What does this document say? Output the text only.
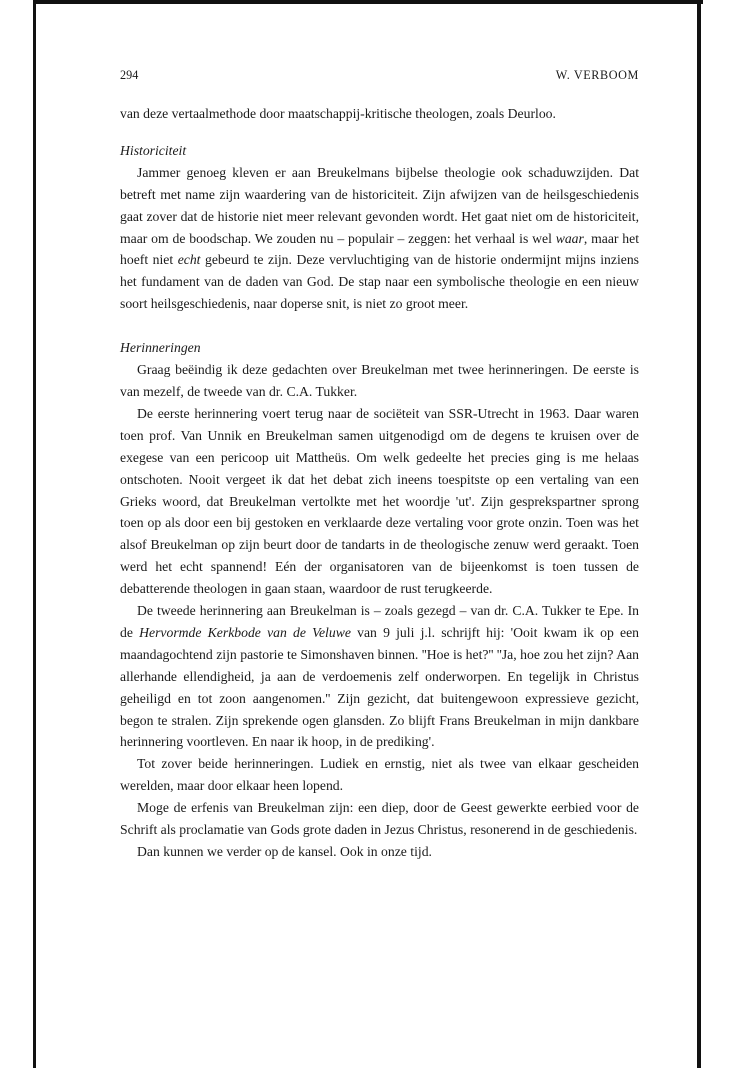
294	W. VERBOOM

van deze vertaalmethode door maatschappij-kritische theologen, zoals Deurloo.

Historiciteit

Jammer genoeg kleven er aan Breukelmans bijbelse theologie ook schaduwzijden. Dat betreft met name zijn waardering van de historiciteit. Zijn afwijzen van de heilsgeschiedenis gaat zover dat de historie niet meer relevant gevonden wordt. Het gaat niet om de historiciteit, maar om de boodschap. We zouden nu – populair – zeggen: het verhaal is wel waar, maar het hoeft niet echt gebeurd te zijn. Deze vervluchtiging van de historie ondermijnt mijns inziens het fundament van de daden van God. De stap naar een symbolische theologie en een nieuw soort heilsgeschiedenis, naar doperse snit, is niet zo groot meer.

Herinneringen

Graag beëindig ik deze gedachten over Breukelman met twee herinneringen. De eerste is van mezelf, de tweede van dr. C.A. Tukker.

De eerste herinnering voert terug naar de sociëteit van SSR-Utrecht in 1963. Daar waren toen prof. Van Unnik en Breukelman samen uitgenodigd om de degens te kruisen over de exegese van een pericoop uit Mattheüs. Om welk gedeelte het precies ging is me helaas ontschoten. Nooit vergeet ik dat het debat zich ineens toespitste op een vertaling van een Grieks woord, dat Breukelman vertolkte met het woordje 'ut'. Zijn gesprekspartner sprong toen op als door een bij gestoken en verklaarde deze vertaling voor grote onzin. Toen was het alsof Breukelman op zijn beurt door de tandarts in de theologische zenuw werd geraakt. Toen werd het echt spannend! Eén der organisatoren van de bijeenkomst is toen tussen de debatterende theologen in gaan staan, waardoor de rust terugkeerde.

De tweede herinnering aan Breukelman is – zoals gezegd – van dr. C.A. Tukker te Epe. In de Hervormde Kerkbode van de Veluwe van 9 juli j.l. schrijft hij: 'Ooit kwam ik op een maandagochtend zijn pastorie te Simonshaven binnen. ''Hoe is het?'' ''Ja, hoe zou het zijn? Aan allerhande ellendigheid, ja aan de verdoemenis zelf onderworpen. En tegelijk in Christus geheiligd en tot zoon aangenomen.'' Zijn gezicht, dat buitengewoon expressieve gezicht, begon te stralen. Zijn sprekende ogen glansden. Zo blijft Frans Breukelman in mijn dankbare herinnering voortleven. En naar ik hoop, in de prediking'.

Tot zover beide herinneringen. Ludiek en ernstig, niet als twee van elkaar gescheiden werelden, maar door elkaar heen lopend.

Moge de erfenis van Breukelman zijn: een diep, door de Geest gewerkte eerbied voor de Schrift als proclamatie van Gods grote daden in Jezus Christus, resonerend in de geschiedenis.

Dan kunnen we verder op de kansel. Ook in onze tijd.
